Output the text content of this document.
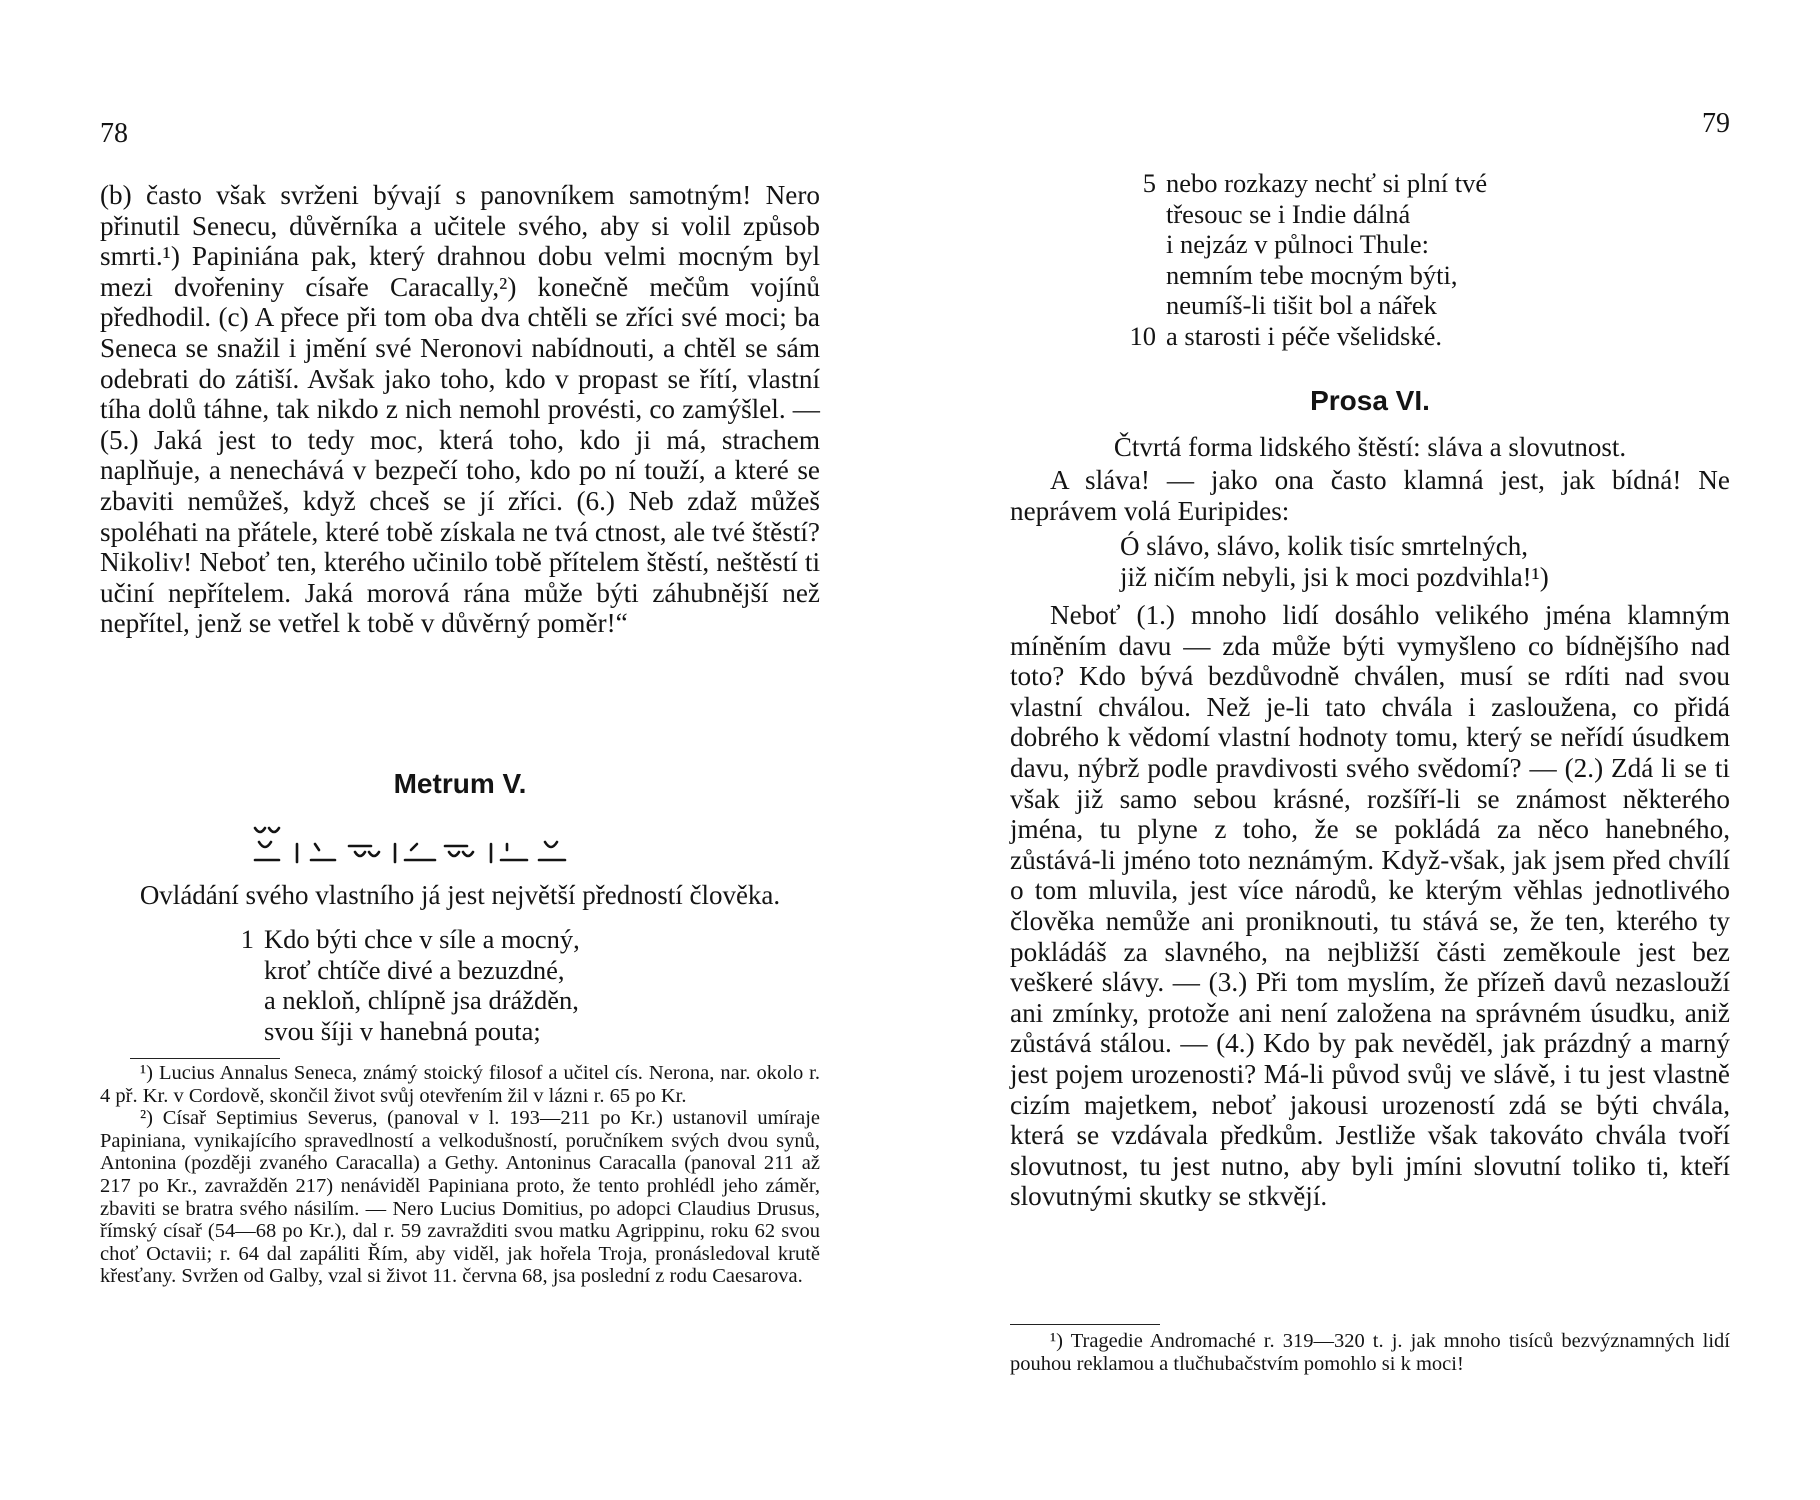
78

(b) často však svrženi bývají s panovníkem samotným! Nero přinutil Senecu, důvěrníka a učitele svého, aby si volil způsob smrti.¹) Papiniána pak, který drahnou dobu velmi mocným byl mezi dvořeniny císaře Caracally,²) konečně mečům vojínů předhodil. (c) A přece při tom oba dva chtěli se zříci své moci; ba Seneca se snažil i jmění své Neronovi nabídnouti, a chtěl se sám odebrati do zátiší. Avšak jako toho, kdo v propast se řítí, vlastní tíha dolů táhne, tak nikdo z nich nemohl provésti, co zamýšlel. — (5.) Jaká jest to tedy moc, která toho, kdo ji má, strachem naplňuje, a nenechává v bezpečí toho, kdo po ní touží, a které se zbaviti nemůžeš, když chceš se jí zříci. (6.) Neb zdaž můžeš spoléhati na přátele, které tobě získala ne tvá ctnost, ale tvé štěstí? Nikoliv! Neboť ten, kterého učinilo tobě přítelem štěstí, neštěstí ti učiní nepřítelem. Jaká morová rána může býti záhubnější než nepřítel, jenž se vetřel k tobě v důvěrný poměr!“

Metrum V.
Ovládání svého vlastního já jest největší předností člověka.
1 Kdo býti chce v síle a mocný,
kroť chtíče divé a bezuzdné,
a nekloň, chlípně jsa drážděn,
svou šíji v hanebná pouta;

¹) Lucius Annalus Seneca, známý stoický filosof a učitel cís. Nerona, nar. okolo r. 4 př. Kr. v Cordově, skončil život svůj otevřením žil v lázni r. 65 po Kr.

²) Císař Septimius Severus, (panoval v l. 193—211 po Kr.) ustanovil umíraje Papiniana, vynikajícího spravedlností a velkodušností, poručníkem svých dvou synů, Antonina (později zvaného Caracalla) a Gethy. Antoninus Caracalla (panoval 211 až 217 po Kr., zavražděn 217) nenáviděl Papiniana proto, že tento prohlédl jeho záměr, zbaviti se bratra svého násilím. — Nero Lucius Domitius, po adopci Claudius Drusus, římský císař (54—68 po Kr.), dal r. 59 zavražditi svou matku Agrippinu, roku 62 svou choť Octavii; r. 64 dal zapáliti Řím, aby viděl, jak hořela Troja, pronásledoval krutě křesťany. Svržen od Galby, vzal si život 11. června 68, jsa poslední z rodu Caesarova.

79
5 nebo rozkazy nechť si plní tvé
třesouc se i Indie dálná
i nejzáz v půlnoci Thule:
nemním tebe mocným býti,
neumíš-li tišit bol a nářek
10 a starosti i péče všelidské.
Prosa VI.
Čtvrtá forma lidského štěstí: sláva a slovutnost.
A sláva! — jako ona často klamná jest, jak bídná! Ne neprávem volá Euripides:
Ó slávo, slávo, kolik tisíc smrtelných,
již ničím nebyli, jsi k moci pozdvihla!¹)
Neboť (1.) mnoho lidí dosáhlo velikého jména klamným míněním davu — zda může býti vymyšleno co bídnějšího nad toto? Kdo bývá bezdůvodně chválen, musí se rdíti nad svou vlastní chválou. Než je-li tato chvála i zasloužena, co přidá dobrého k vědomí vlastní hodnoty tomu, který se neřídí úsudkem davu, nýbrž podle pravdivosti svého svědomí? — (2.) Zdá li se ti však již samo sebou krásné, rozšíří-li se známost některého jména, tu plyne z toho, že se pokládá za něco hanebného, zůstává-li jméno toto neznámým. Když-však, jak jsem před chvílí o tom mluvila, jest více národů, ke kterým věhlas jednotlivého člověka nemůže ani proniknouti, tu stává se, že ten, kterého ty pokládáš za slavného, na nejbližší části zeměkoule jest bez veškeré slávy. — (3.) Při tom myslím, že přízeň davů nezaslouží ani zmínky, protože ani není založena na správném úsudku, aniž zůstává stálou. — (4.) Kdo by pak nevěděl, jak prázdný a marný jest pojem urozenosti? Má-li původ svůj ve slávě, i tu jest vlastně cizím majetkem, neboť jakousi urozeností zdá se býti chvála, která se vzdávala předkům. Jestliže však takováto chvála tvoří slovutnost, tu jest nutno, aby byli jmíni slovutní toliko ti, kteří slovutnými skutky se stkvějí.

¹) Tragedie Andromaché r. 319—320 t. j. jak mnoho tisíců bezvýznamných lidí pouhou reklamou a tlučhubačstvím pomohlo si k moci!
